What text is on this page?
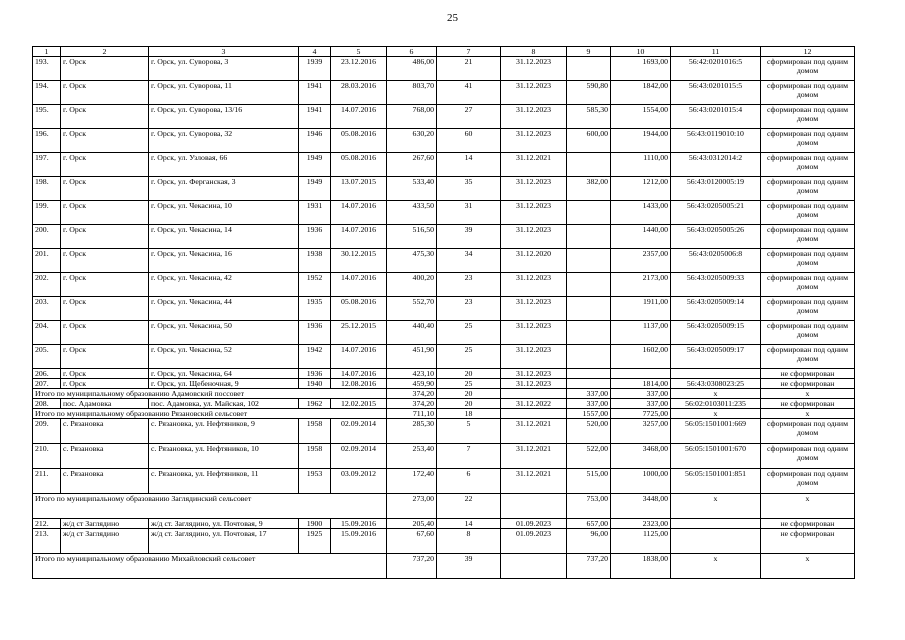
25
1	2	3	4	5	6	7	8	9	10	11	12
193.	г. Орск	г. Орск, ул. Суворова, 3	1939	23.12.2016	486,00	21	31.12.2023		1693,00	56:42:0201016:5	сформирован под одним домом
194.	г. Орск	г. Орск, ул. Суворова, 11	1941	28.03.2016	803,70	41	31.12.2023	590,80	1842,00	56:43:0201015:5	сформирован под одним домом
195.	г. Орск	г. Орск, ул. Суворова, 13/16	1941	14.07.2016	768,00	27	31.12.2023	585,30	1554,00	56:43:0201015:4	сформирован под одним домом
196.	г. Орск	г. Орск, ул. Суворова, 32	1946	05.08.2016	630,20	60	31.12.2023	600,00	1944,00	56:43:0119010:10	сформирован под одним домом
197.	г. Орск	г. Орск, ул. Узловая, 66	1949	05.08.2016	267,60	14	31.12.2021		1110,00	56:43:0312014:2	сформирован под одним домом
198.	г. Орск	г. Орск, ул. Ферганская, 3	1949	13.07.2015	533,40	35	31.12.2023	382,00	1212,00	56:43:0120005:19	сформирован под одним домом
199.	г. Орск	г. Орск, ул. Чекасина, 10	1931	14.07.2016	433,50	31	31.12.2023		1433,00	56:43:0205005:21	сформирован под одним домом
200.	г. Орск	г. Орск, ул. Чекасина, 14	1936	14.07.2016	516,50	39	31.12.2023		1440,00	56:43:0205005:26	сформирован под одним домом
201.	г. Орск	г. Орск, ул. Чекасина, 16	1938	30.12.2015	475,30	34	31.12.2020		2357,00	56:43:0205006:8	сформирован под одним домом
202.	г. Орск	г. Орск, ул. Чекасина, 42	1952	14.07.2016	400,20	23	31.12.2023		2173,00	56:43:0205009:33	сформирован под одним домом
203.	г. Орск	г. Орск, ул. Чекасина, 44	1935	05.08.2016	552,70	23	31.12.2023		1911,00	56:43:0205009:14	сформирован под одним домом
204.	г. Орск	г. Орск, ул. Чекасина, 50	1936	25.12.2015	440,40	25	31.12.2023		1137,00	56:43:0205009:15	сформирован под одним домом
205.	г. Орск	г. Орск, ул. Чекасина, 52	1942	14.07.2016	451,90	25	31.12.2023		1602,00	56:43:0205009:17	сформирован под одним домом
206.	г. Орск	г. Орск, ул. Чекасина, 64	1936	14.07.2016	423,10	20	31.12.2023				не сформирован
207.	г. Орск	г. Орск, ул. Щебеночная, 9	1940	12.08.2016	459,90	25	31.12.2023		1814,00	56:43:0308023:25	не сформирован
Итого по муниципальному образованию Адамовский поссовет					374,20	20		337,00	337,00	x	x
208.	пос. Адамовка	пос. Адамовка, ул. Майская, 102	1962	12.02.2015	374,20	20	31.12.2022	337,00	337,00	56:02:0103011:235	не сформирован
Итого по муниципальному образованию Рязановский сельсовет					711,10	18		1557,00	7725,00	x	x
209.	с. Рязановка	с. Рязановка, ул. Нефтяников, 9	1958	02.09.2014	285,30	5	31.12.2021	520,00	3257,00	56:05:1501001:669	сформирован под одним домом
210.	с. Рязановка	с. Рязановка, ул. Нефтяников, 10	1958	02.09.2014	253,40	7	31.12.2021	522,00	3468,00	56:05:1501001:670	сформирован под одним домом
211.	с. Рязановка	с. Рязановка, ул. Нефтяников, 11	1953	03.09.2012	172,40	6	31.12.2021	515,00	1000,00	56:05:1501001:851	сформирован под одним домом
Итого по муниципальному образованию Заглядинский сельсовет					273,00	22		753,00	3448,00	x	x
212.	ж/д ст Заглядино	ж/д ст. Заглядино, ул. Почтовая, 9	1900	15.09.2016	205,40	14	01.09.2023	657,00	2323,00		не сформирован
213.	ж/д ст Заглядино	ж/д ст. Заглядино, ул. Почтовая, 17	1925	15.09.2016	67,60	8	01.09.2023	96,00	1125,00		не сформирован
Итого по муниципальному образованию Михайловский сельсовет					737,20	39		737,20	1838,00	x	x
